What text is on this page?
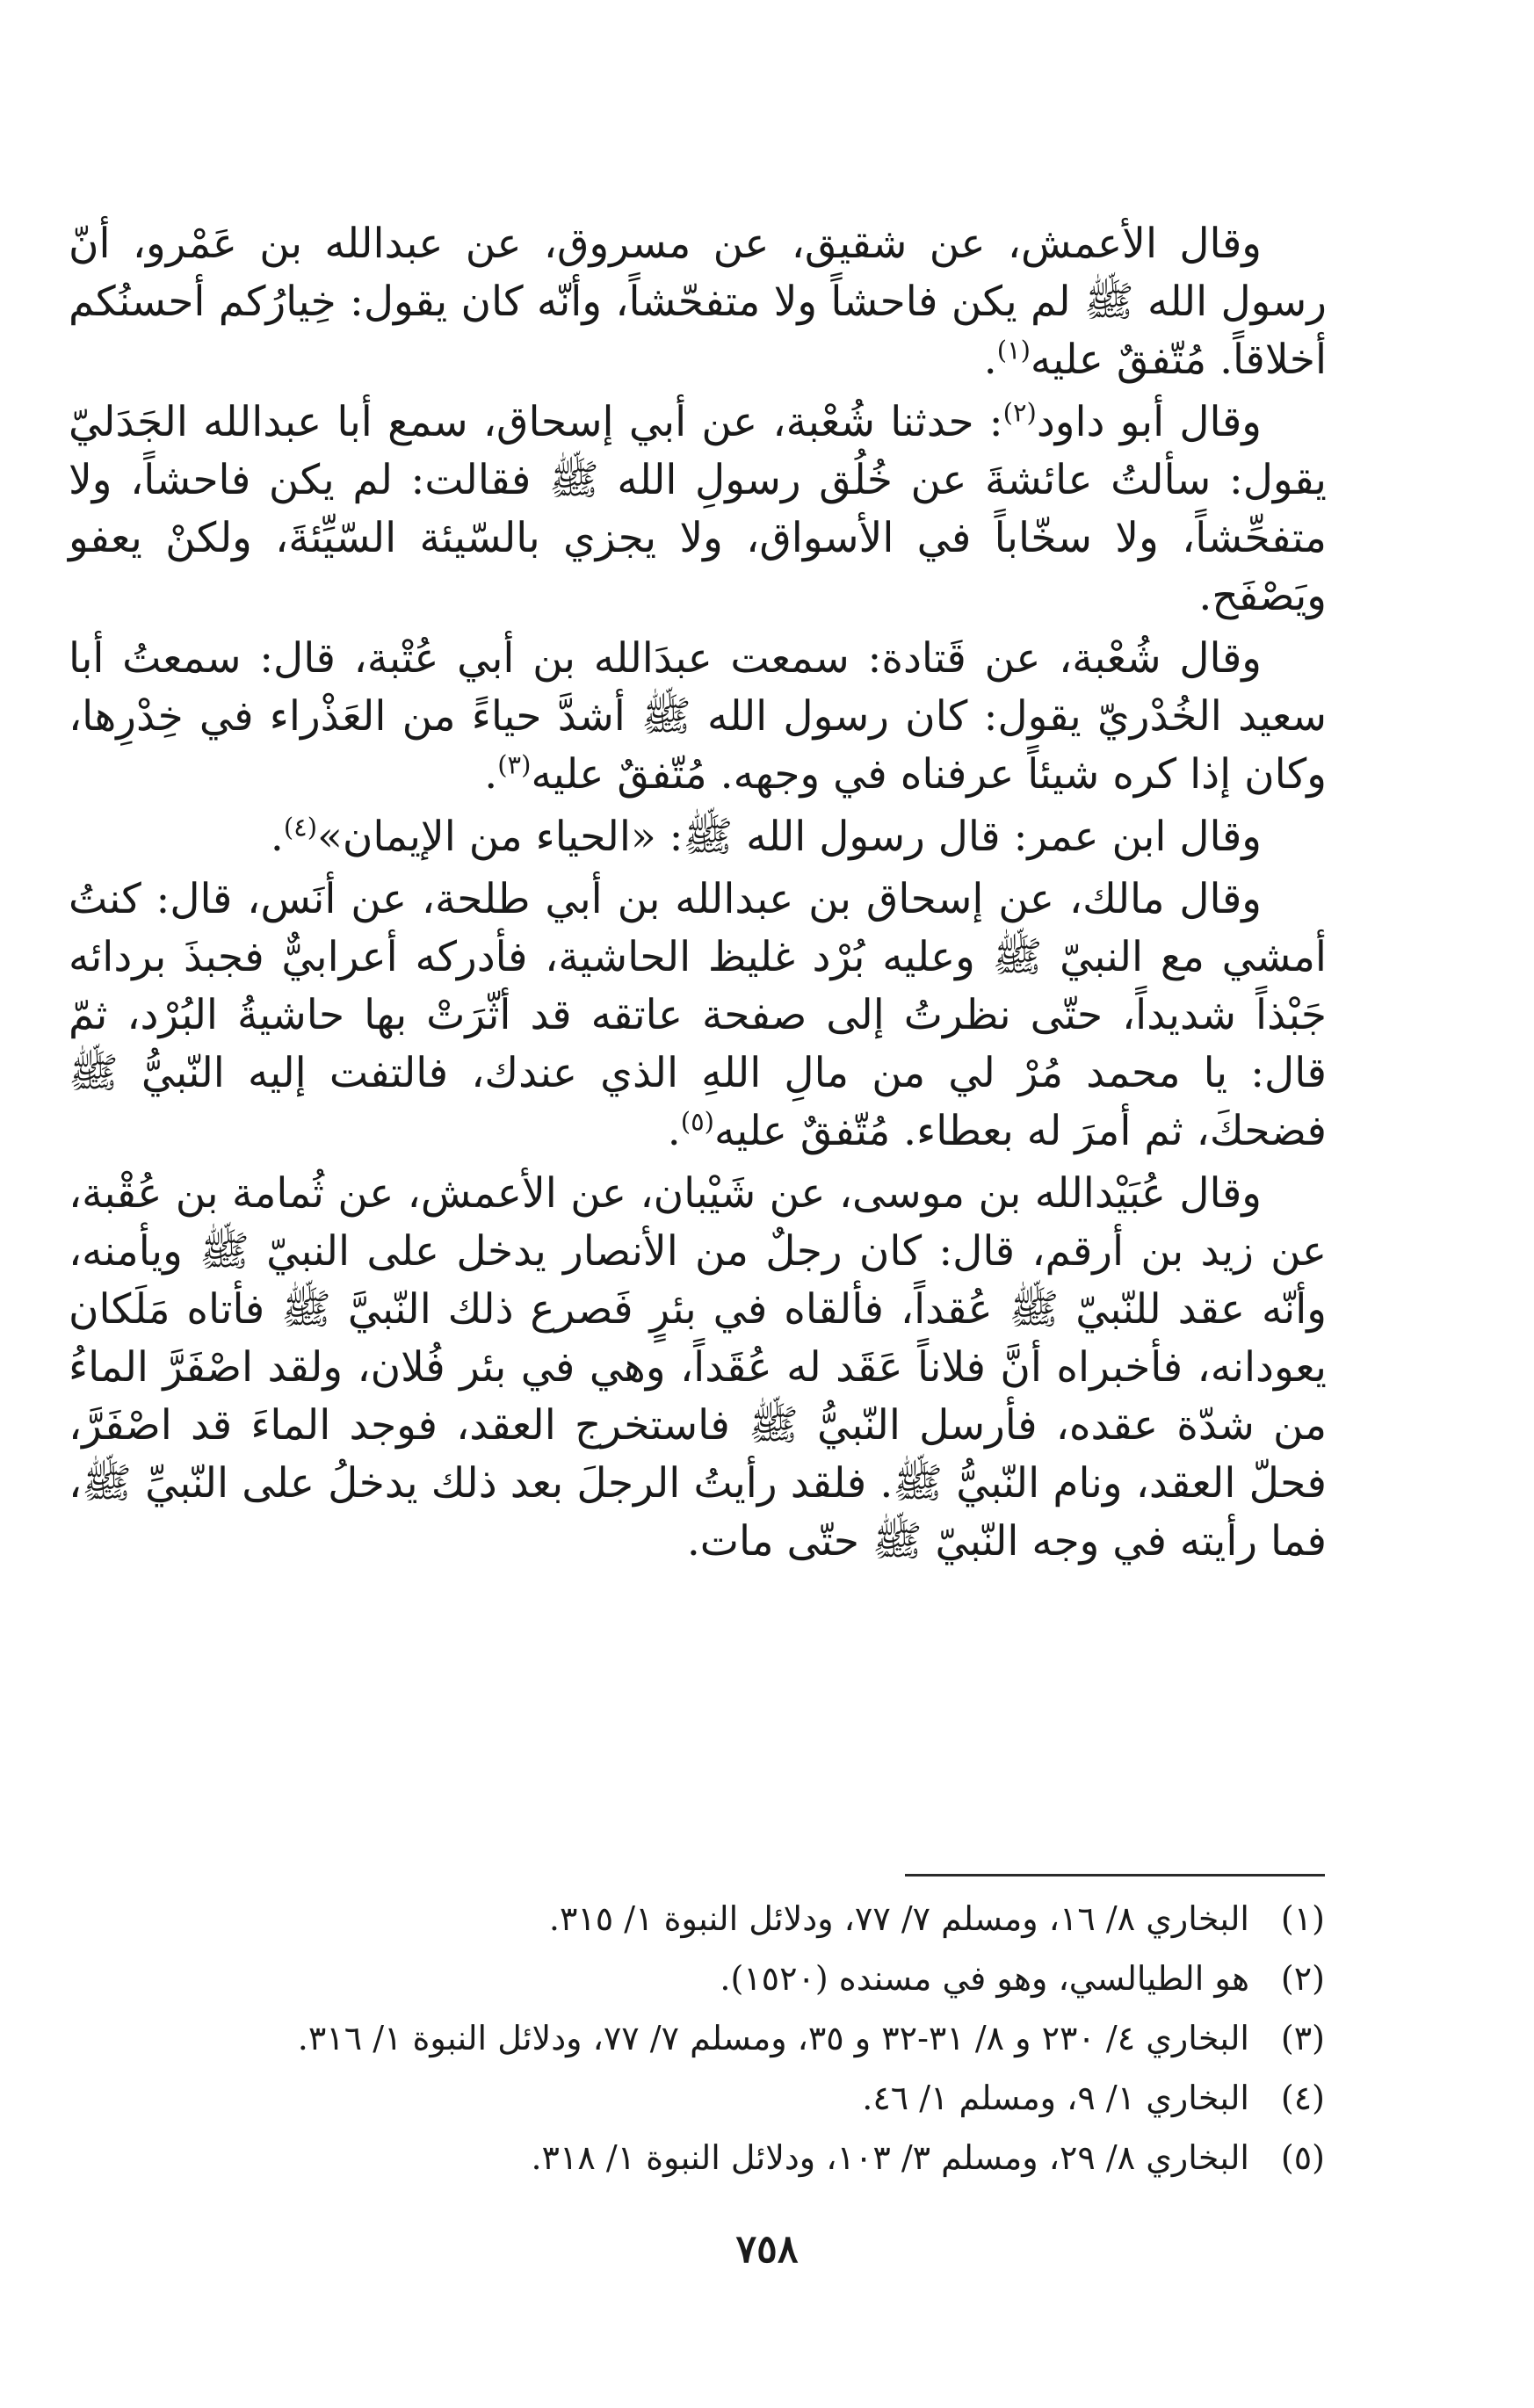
وقال الأعمش، عن شقيق، عن مسروق، عن عبدالله بن عَمْرو، أنّ رسول الله ﷺ لم يكن فاحشاً ولا متفحّشاً، وأنّه كان يقول: خِيارُكم أحسنُكم أخلاقاً. مُتّفقٌ عليه$^{(١)}$.

وقال أبو داود$^{(٢)}$: حدثنا شُعْبة، عن أبي إسحاق، سمع أبا عبدالله الجَدَليّ يقول: سألتُ عائشةَ عن خُلُق رسولِ الله ﷺ فقالت: لم يكن فاحشاً، ولا متفحِّشاً، ولا سخّاباً في الأسواق، ولا يجزي بالسّيئة السّيِّئةَ، ولكنْ يعفو ويَصْفَح.

وقال شُعْبة، عن قَتادة: سمعت عبدَالله بن أبي عُتْبة، قال: سمعتُ أبا سعيد الخُدْريّ يقول: كان رسول الله ﷺ أشدَّ حياءً من العَذْراء في خِدْرِها، وكان إذا كره شيئاً عرفناه في وجهه. مُتّفقٌ عليه$^{(٣)}$.

وقال ابن عمر: قال رسول الله ﷺ: «الحياء من الإيمان»$^{(٤)}$.

وقال مالك، عن إسحاق بن عبدالله بن أبي طلحة، عن أنَس، قال: كنتُ أمشي مع النبيّ ﷺ وعليه بُرْد غليظ الحاشية، فأدركه أعرابيٌّ فجبذَ بردائه جَبْذاً شديداً، حتّى نظرتُ إلى صفحة عاتقه قد أثّرَتْ بها حاشيةُ البُرْد، ثمّ قال: يا محمد مُرْ لي من مالِ اللهِ الذي عندك، فالتفت إليه النّبيُّ ﷺ فضحكَ، ثم أمرَ له بعطاء. مُتّفقٌ عليه$^{(٥)}$.

وقال عُبَيْدالله بن موسى، عن شَيْبان، عن الأعمش، عن ثُمامة بن عُقْبة، عن زيد بن أرقم، قال: كان رجلٌ من الأنصار يدخل على النبيّ ﷺ ويأمنه، وأنّه عقد للنّبيّ ﷺ عُقداً، فألقاه في بئرٍ فَصرع ذلك النّبيَّ ﷺ فأتاه مَلَكان يعودانه، فأخبراه أنَّ فلاناً عَقَد له عُقَداً، وهي في بئر فُلان، ولقد اصْفَرَّ الماءُ من شدّة عقده، فأرسل النّبيُّ ﷺ فاستخرج العقد، فوجد الماءَ قد اصْفَرَّ، فحلّ العقد، ونام النّبيُّ ﷺ. فلقد رأيتُ الرجلَ بعد ذلك يدخلُ على النّبيِّ ﷺ، فما رأيته في وجه النّبيّ ﷺ حتّى مات.

(١)
البخاري ٨/ ١٦، ومسلم ٧/ ٧٧، ودلائل النبوة ١/ ٣١٥.
(٢)
هو الطيالسي، وهو في مسنده (١٥٢٠).
(٣)
البخاري ٤/ ٢٣٠ و ٨/ ٣١-٣٢ و ٣٥، ومسلم ٧/ ٧٧، ودلائل النبوة ١/ ٣١٦.
(٤)
البخاري ١/ ٩، ومسلم ١/ ٤٦.
(٥)
البخاري ٨/ ٢٩، ومسلم ٣/ ١٠٣، ودلائل النبوة ١/ ٣١٨.
٧٥٨
